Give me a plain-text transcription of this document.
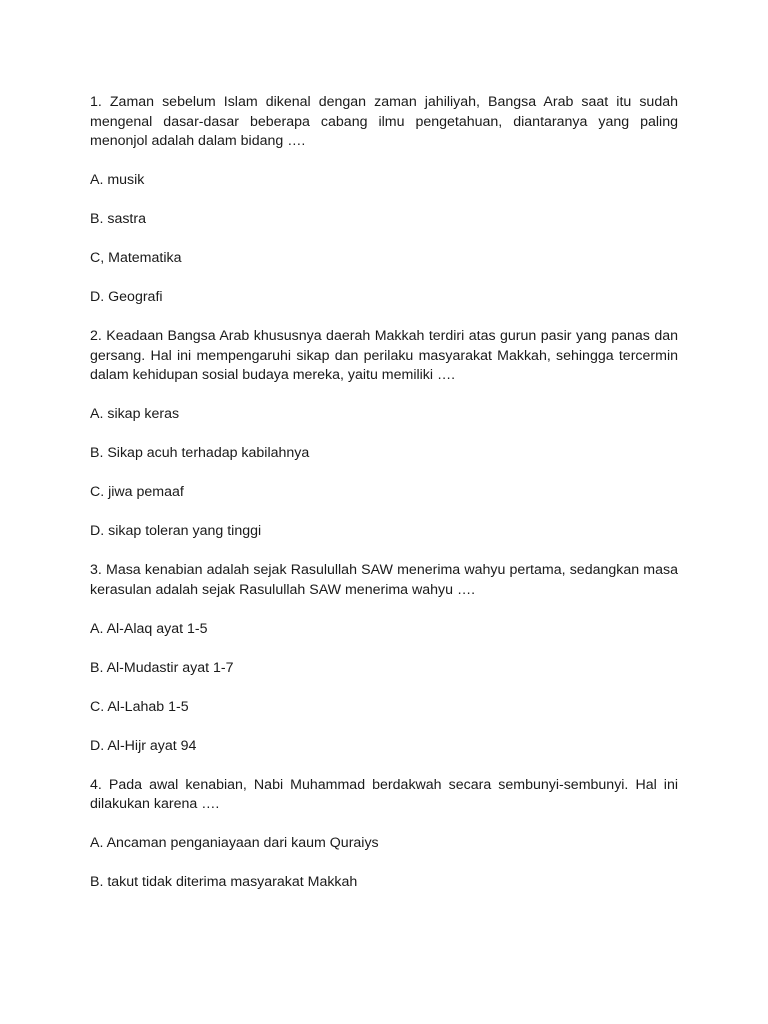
1. Zaman sebelum Islam dikenal dengan zaman jahiliyah, Bangsa Arab saat itu sudah mengenal dasar-dasar beberapa cabang ilmu pengetahuan, diantaranya yang paling menonjol adalah dalam bidang ….

A. musik

B. sastra

C, Matematika

D. Geografi

2. Keadaan Bangsa Arab khususnya daerah Makkah terdiri atas gurun pasir yang panas dan gersang. Hal ini mempengaruhi sikap dan perilaku masyarakat Makkah, sehingga tercermin dalam kehidupan sosial budaya mereka, yaitu memiliki ….

A. sikap keras

B. Sikap acuh terhadap kabilahnya

C. jiwa pemaaf

D. sikap toleran yang tinggi

3. Masa kenabian adalah sejak Rasulullah SAW menerima wahyu pertama, sedangkan masa kerasulan adalah sejak Rasulullah SAW menerima wahyu ….

A. Al-Alaq ayat 1-5

B. Al-Mudastir ayat 1-7

C. Al-Lahab 1-5

D. Al-Hijr ayat 94

4. Pada awal kenabian, Nabi Muhammad berdakwah secara sembunyi-sembunyi. Hal ini dilakukan karena ….

A. Ancaman penganiayaan dari kaum Quraiys

B. takut tidak diterima masyarakat Makkah
